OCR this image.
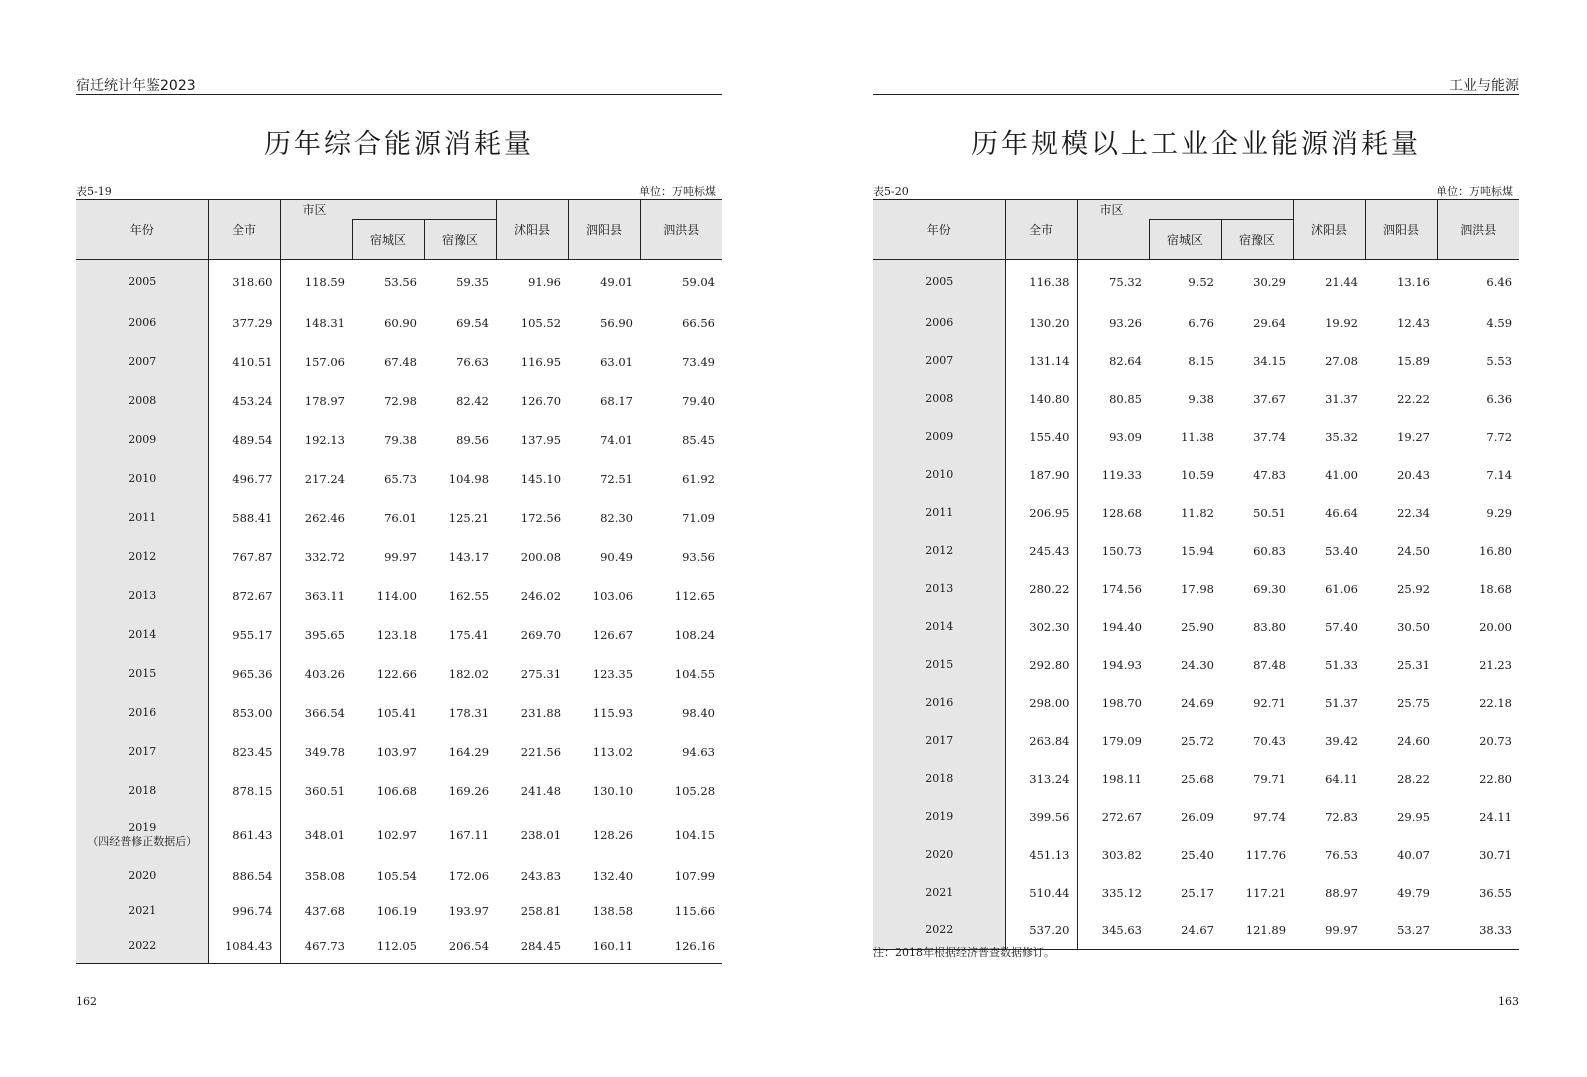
宿迁统计年鉴2023
历年综合能源消耗量
表5-19	单位：万吨标煤
年份	全市	市区			沭阳县	泗阳县	泗洪县
			宿城区	宿豫区			

2005	318.60	118.59	53.56	59.35	91.96	49.01	59.04

2006	377.29	148.31	60.90	69.54	105.52	56.90	66.56

2007	410.51	157.06	67.48	76.63	116.95	63.01	73.49

2008	453.24	178.97	72.98	82.42	126.70	68.17	79.40

2009	489.54	192.13	79.38	89.56	137.95	74.01	85.45

2010	496.77	217.24	65.73	104.98	145.10	72.51	61.92

2011	588.41	262.46	76.01	125.21	172.56	82.30	71.09

2012	767.87	332.72	99.97	143.17	200.08	90.49	93.56

2013	872.67	363.11	114.00	162.55	246.02	103.06	112.65

2014	955.17	395.65	123.18	175.41	269.70	126.67	108.24

2015	965.36	403.26	122.66	182.02	275.31	123.35	104.55

2016	853.00	366.54	105.41	178.31	231.88	115.93	98.40

2017	823.45	349.78	103.97	164.29	221.56	113.02	94.63

2018	878.15	360.51	106.68	169.26	241.48	130.10	105.28

2019
（四经普修正数据后）	861.43	348.01	102.97	167.11	238.01	128.26	104.15

2020	886.54	358.08	105.54	172.06	243.83	132.40	107.99

2021	996.74	437.68	106.19	193.97	258.81	138.58	115.66

2022	1084.43	467.73	112.05	206.54	284.45	160.11	126.16
162
工业与能源
历年规模以上工业企业能源消耗量
表5-20	单位：万吨标煤
年份	全市	市区			沭阳县	泗阳县	泗洪县
			宿城区	宿豫区			

2005	116.38	75.32	9.52	30.29	21.44	13.16	6.46

2006	130.20	93.26	6.76	29.64	19.92	12.43	4.59

2007	131.14	82.64	8.15	34.15	27.08	15.89	5.53

2008	140.80	80.85	9.38	37.67	31.37	22.22	6.36

2009	155.40	93.09	11.38	37.74	35.32	19.27	7.72

2010	187.90	119.33	10.59	47.83	41.00	20.43	7.14

2011	206.95	128.68	11.82	50.51	46.64	22.34	9.29

2012	245.43	150.73	15.94	60.83	53.40	24.50	16.80

2013	280.22	174.56	17.98	69.30	61.06	25.92	18.68

2014	302.30	194.40	25.90	83.80	57.40	30.50	20.00

2015	292.80	194.93	24.30	87.48	51.33	25.31	21.23

2016	298.00	198.70	24.69	92.71	51.37	25.75	22.18

2017	263.84	179.09	25.72	70.43	39.42	24.60	20.73

2018	313.24	198.11	25.68	79.71	64.11	28.22	22.80

2019	399.56	272.67	26.09	97.74	72.83	29.95	24.11

2020	451.13	303.82	25.40	117.76	76.53	40.07	30.71

2021	510.44	335.12	25.17	117.21	88.97	49.79	36.55

2022	537.20	345.63	24.67	121.89	99.97	53.27	38.33
注：2018年根据经济普查数据修订。
163
